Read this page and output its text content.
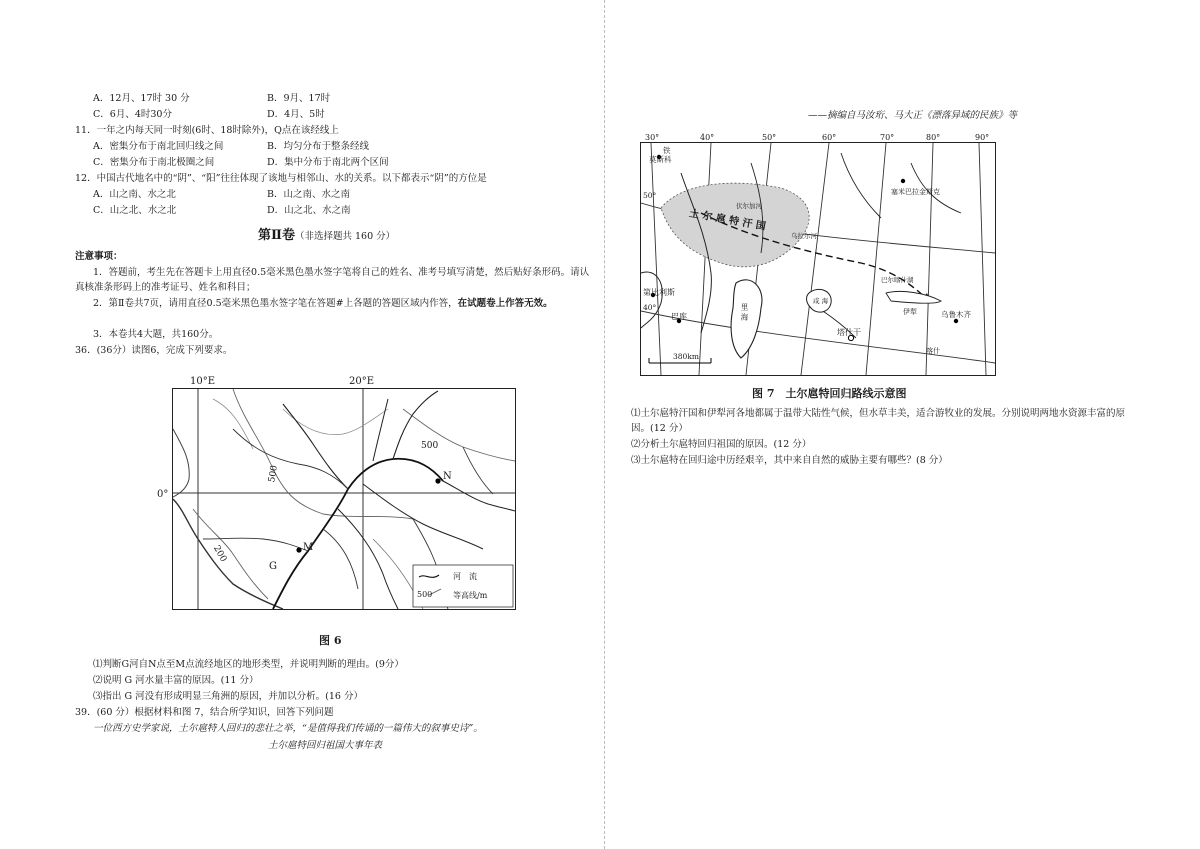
A．12月、17时 30 分	B．9月、17时
C．6月、4时30分	D．4月、5时
11．一年之内每天同一时刻(6时、18时除外)，Q点在该经线上
A．密集分布于南北回归线之间	B．均匀分布于整条经线
C．密集分布于南北极圈之间	D．集中分布于南北两个区间
12．中国古代地名中的“阴”、“阳”往往体现了该地与相邻山、水的关系。以下都表示“阴”的方位是
A．山之南、水之北	B．山之南、水之南
C．山之北、水之北	D．山之北、水之南
第Ⅱ卷（非选择题共 160 分）
注意事项：
1．答题前，考生先在答题卡上用直径0.5毫米黑色墨水签字笔将自己的姓名、准考号填写清楚，然后贴好条形码。请认真核准条形码上的准考证号、姓名和科目；
2．第Ⅱ卷共7页，请用直径0.5毫米黑色墨水签字笔在答题#上各题的答题区域内作答，在试题卷上作答无效。
3．本卷共4大题，共160分。
36．(36分）读图6，完成下列要求。
10°E	20°E
0°
500
500
200
N
M
G
河　流
500	等高线/m
图 6
⑴判断G河自N点至M点流经地区的地形类型，并说明判断的理由。(9分）
⑵说明 G 河水量丰富的原因。(11 分）
⑶指出 G 河没有形成明显三角洲的原因，并加以分析。(16 分）
39．(60 分）根据材料和图 7，结合所学知识，回答下列问题
一位西方史学家说，土尔扈特人回归的悲壮之举，“是值得我们传诵的一篇伟大的叙事史诗”。
土尔扈特回归祖国大事年表
——摘编自马汝珩、马大正《漂落异域的民族》等
30°	40°	50°	60°	70°	80°	90°
50°
40°
铁
莫斯科
土 尔 扈 特 汗 国
伏尔加河
第比利斯
巴库	里 海
咸 海
塔什干
巴尔喀什湖
伊犁	乌鲁木齐
塞米巴拉金斯克
喀什
乌拉尔河
380km
图 7　土尔扈特回归路线示意图
⑴土尔扈特汗国和伊犁河各地都属于温带大陆性气候，但水草丰美，适合游牧业的发展。分别说明两地水资源丰富的原因。(12 分）
⑵分析土尔扈特回归祖国的原因。(12 分）
⑶土尔扈特在回归途中历经艰辛，其中来自自然的威胁主要有哪些？(8 分）
